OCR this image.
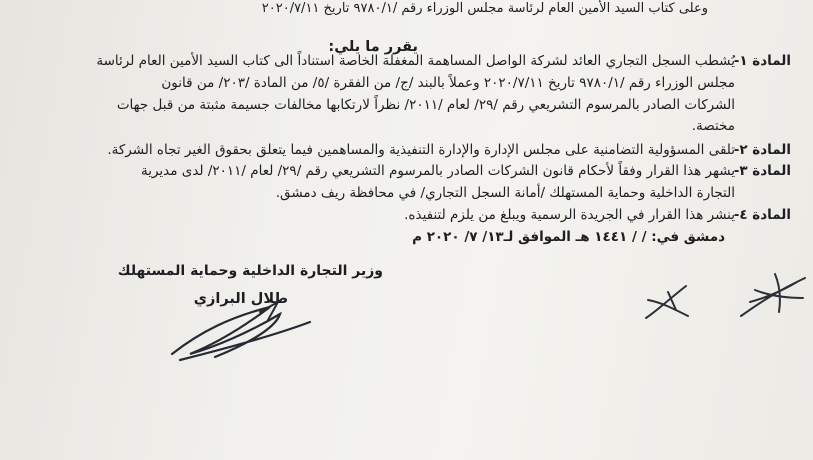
وعلى كتاب السيد الأمين العام لرئاسة مجلس الوزراء رقم /٩٧٨٠/١ تاريخ ٢٠٢٠/٧/١١
يقرر ما يلي:
المادة ١-
يُشطب السجل التجاري العائد لشركة الواصل المساهمة المغفلة الخاصة استناداً الى كتاب السيد الأمين العام لرئاسة
مجلس الوزراء رقم /٩٧٨٠/١ تاريخ ٢٠٢٠/٧/١١ وعملاً بالبند /ج/ من الفقرة /٥/ من المادة /٢٠٣/ من قانون
الشركات الصادر بالمرسوم التشريعي رقم /٢٩/ لعام /٢٠١١/ نظراً لارتكابها مخالفات جسيمة مثبتة من قبل جهات
مختصة.
المادة ٢-
تلقى المسؤولية التضامنية على مجلس الإدارة والإدارة التنفيذية والمساهمين فيما يتعلق بحقوق الغير تجاه الشركة.
المادة ٣-
يشهر هذا القرار وفقاً لأحكام قانون الشركات الصادر بالمرسوم التشريعي رقم /٢٩/ لعام /٢٠١١/ لدى مديرية
التجارة الداخلية وحماية المستهلك /أمانة السجل التجاري/ في محافظة ريف دمشق.
المادة ٤-
ينشر هذا القرار في الجريدة الرسمية ويبلغ من يلزم لتنفيذه.
دمشق في: / / ١٤٤١ هـ الموافق لـ١٣/ ٧/ ٢٠٢٠ م
وزير التجارة الداخلية وحماية المستهلك
طلال البرازي
